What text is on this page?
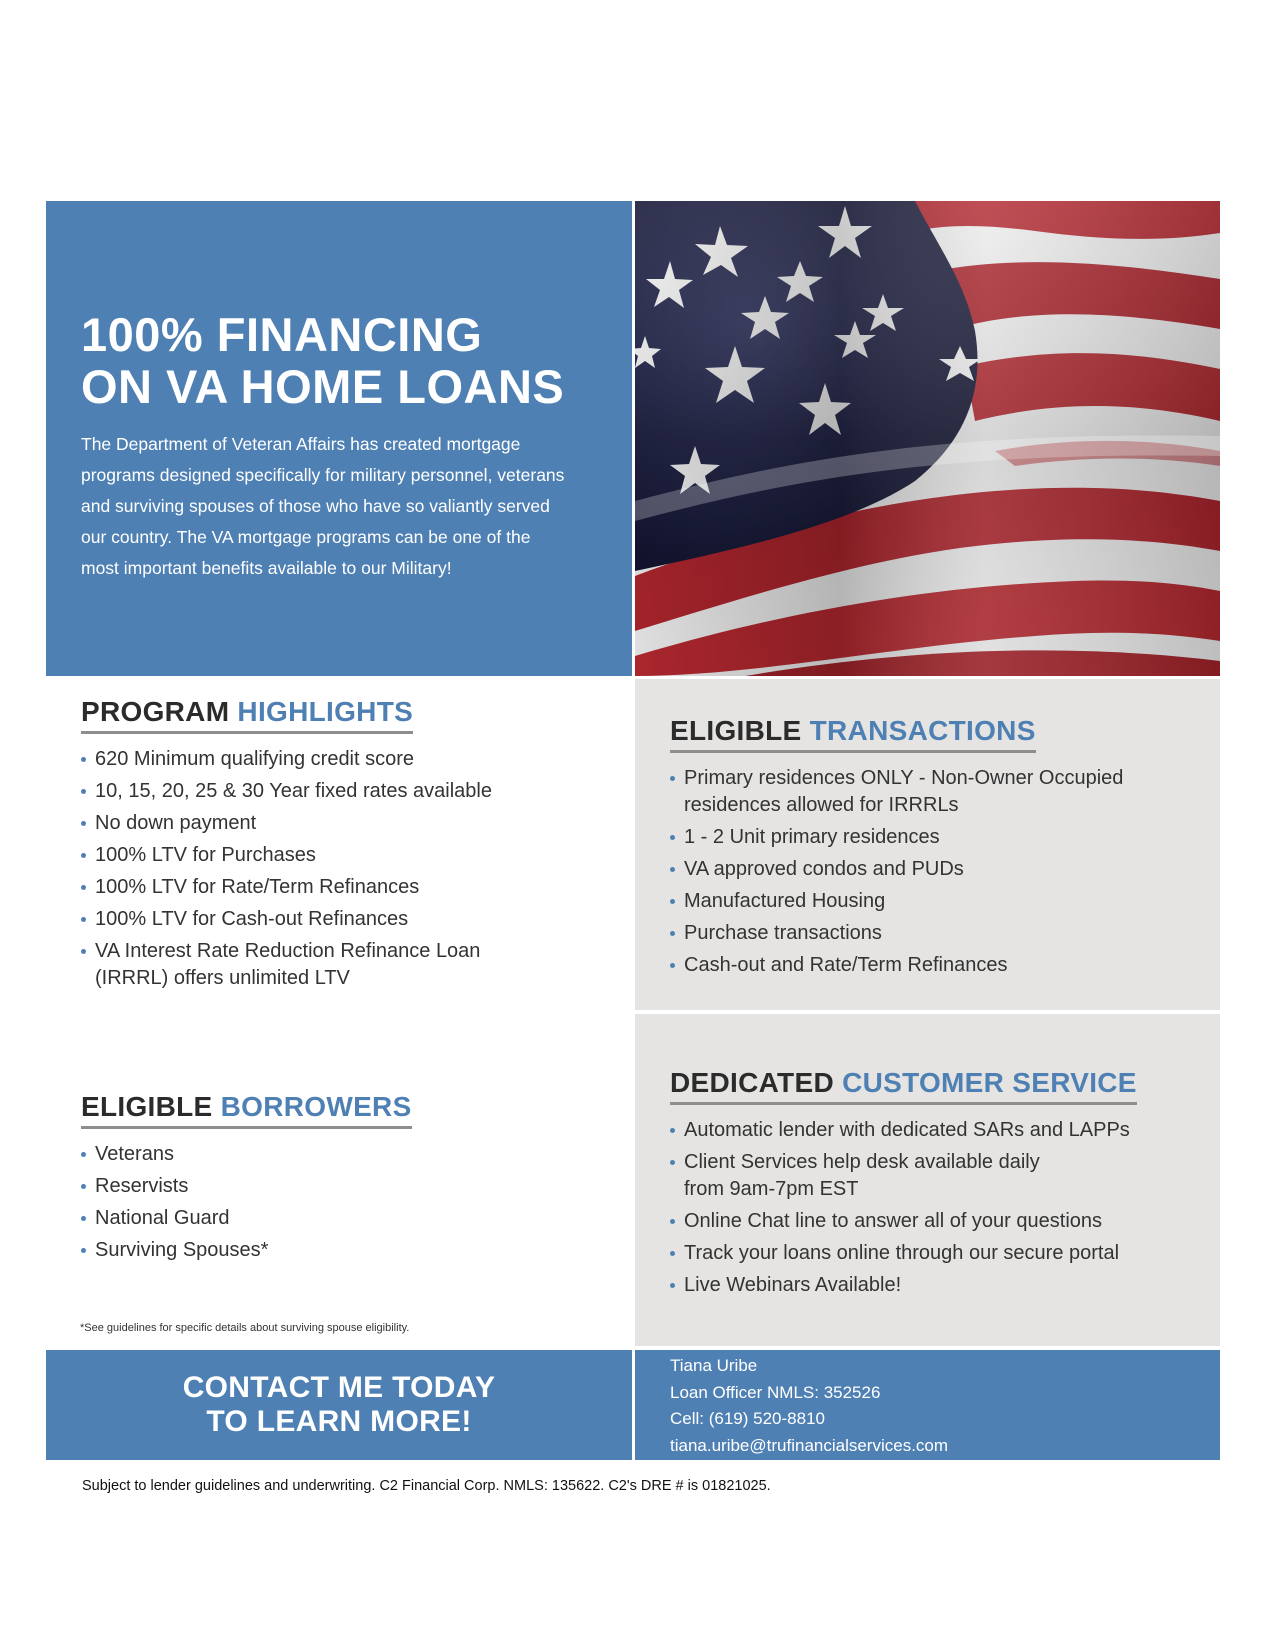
100% FINANCING
ON VA HOME LOANS

The Department of Veteran Affairs has created mortgage
programs designed specifically for military personnel, veterans
and surviving spouses of those who have so valiantly served
our country. The VA mortgage programs can be one of the
most important benefits available to our Military!

PROGRAM HIGHLIGHTS
620 Minimum qualifying credit score
10, 15, 20, 25 & 30 Year fixed rates available
No down payment
100% LTV for Purchases
100% LTV for Rate/Term Refinances
100% LTV for Cash-out Refinances
VA Interest Rate Reduction Refinance Loan
(IRRRL) offers unlimited LTV
ELIGIBLE TRANSACTIONS
Primary residences ONLY - Non-Owner Occupied
residences allowed for IRRRLs
1 - 2 Unit primary residences
VA approved condos and PUDs
Manufactured Housing
Purchase transactions
Cash-out and Rate/Term Refinances
ELIGIBLE BORROWERS
Veterans
Reservists
National Guard
Surviving Spouses*
*See guidelines for specific details about surviving spouse eligibility.
DEDICATED CUSTOMER SERVICE
Automatic lender with dedicated SARs and LAPPs
Client Services help desk available daily
from 9am-7pm EST
Online Chat line to answer all of your questions
Track your loans online through our secure portal
Live Webinars Available!

CONTACT ME TODAY
TO LEARN MORE!

Tiana Uribe
Loan Officer NMLS: 352526
Cell: (619) 520-8810
tiana.uribe@trufinancialservices.com

Subject to lender guidelines and underwriting. C2 Financial Corp. NMLS: 135622. C2's DRE # is 01821025.
